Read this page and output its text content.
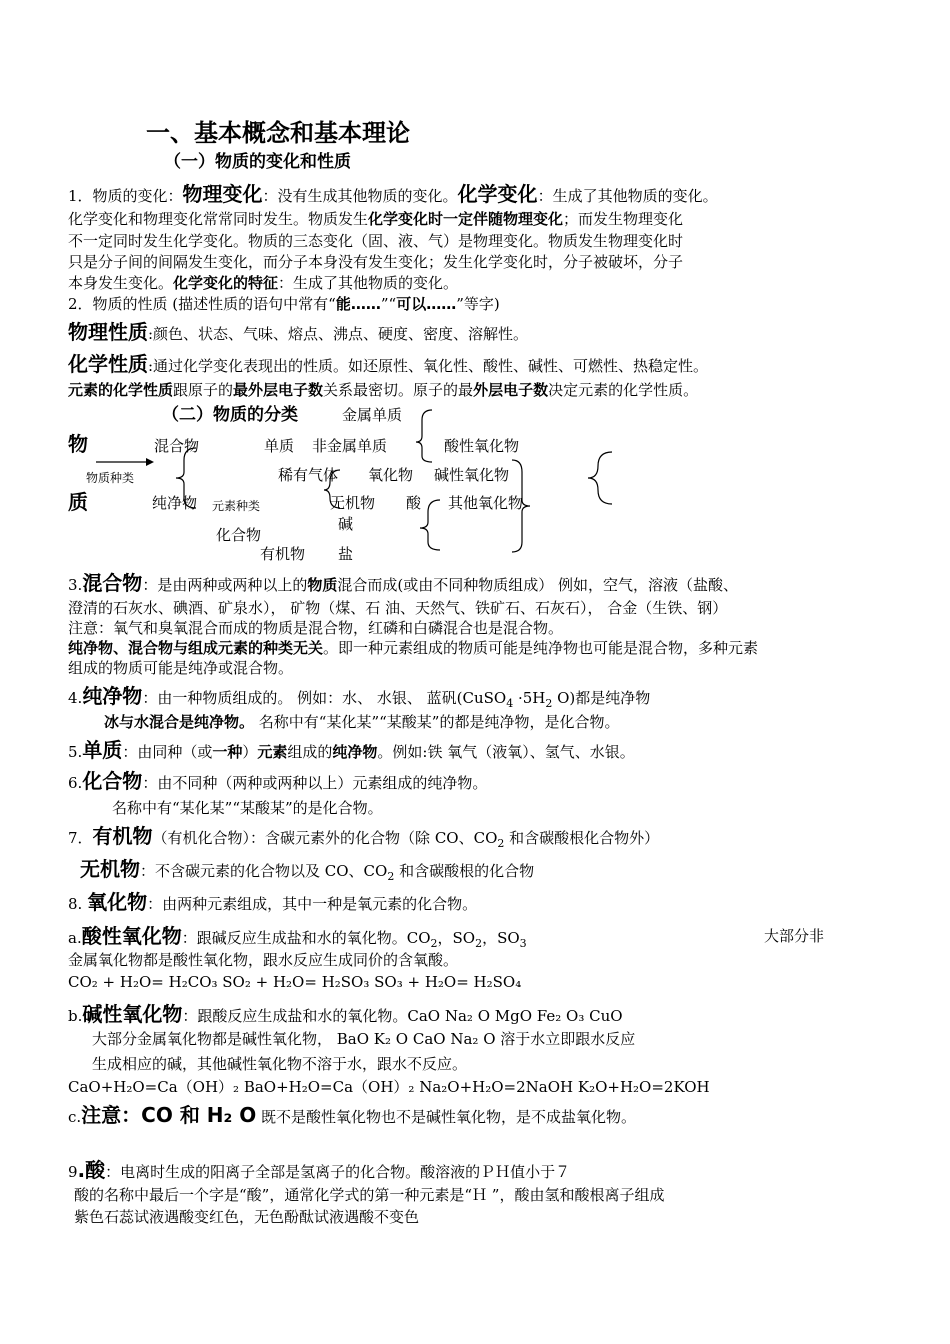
一、基本概念和基本理论
（一）物质的变化和性质
1．物质的变化：物理变化：没有生成其他物质的变化。化学变化：生成了其他物质的变化。
化学变化和物理变化常常同时发生。物质发生化学变化时一定伴随物理变化；而发生物理变化
不一定同时发生化学变化。物质的三态变化（固、液、气）是物理变化。物质发生物理变化时
只是分子间的间隔发生变化，而分子本身没有发生变化；发生化学变化时，分子被破坏，分子
本身发生变化。化学变化的特征：生成了其他物质的变化。
2．物质的性质 (描述性质的语句中常有“能……”“可以……”等字)
物理性质:颜色、状态、气味、熔点、沸点、硬度、密度、溶解性。
化学性质:通过化学变化表现出的性质。如还原性、氧化性、酸性、碱性、可燃性、热稳定性。
元素的化学性质跟原子的最外层电子数关系最密切。原子的最外层电子数决定元素的化学性质。
（二）物质的分类	金属单质
物	混合物	单质 非金属单质	酸性氧化物
物质种类	稀有气体 氧化物 碱性氧化物
质	纯净物 元素种类	无机物 酸 其他氧化物
碱
化合物
有机物 盐
3.混合物：是由两种或两种以上的物质混合而成(或由不同种物质组成） 例如，空气，溶液（盐酸、
澄清的石灰水、碘酒、矿泉水）， 矿物（煤、石 油、天然气、铁矿石、石灰石）， 合金（生铁、钢）
注意：氧气和臭氧混合而成的物质是混合物，红磷和白磷混合也是混合物。
纯净物、混合物与组成元素的种类无关。即一种元素组成的物质可能是纯净物也可能是混合物，多种元素
组成的物质可能是纯净或混合物。
4.纯净物：由一种物质组成的。 例如：水、 水银、 蓝矾(CuSO$_4$ $\cdot 5H_2$ O)都是纯净物
冰与水混合是纯净物。 名称中有“某化某”“某酸某”的都是纯净物，是化合物。
5.单质：由同种（或一种）元素组成的纯净物。例如:铁 氧气（液氧）、氢气、水银。
6.化合物：由不同种（两种或两种以上）元素组成的纯净物。
名称中有“某化某”“某酸某”的是化合物。
7．有机物（有机化合物）：含碳元素外的化合物（除 CO、$CO_2$ 和含碳酸根化合物外）
无机物：不含碳元素的化合物以及 CO、$CO_2$ 和含碳酸根的化合物
8. 氧化物：由两种元素组成，其中一种是氧元素的化合物。
a.酸性氧化物：跟碱反应生成盐和水的氧化物。$CO_2$，$SO_2$，$SO_3$	大部分非
金属氧化物都是酸性氧化物，跟水反应生成同价的含氧酸。
CO₂ + H₂O= H₂CO₃ SO₂ + H₂O= H₂SO₃ SO₃ + H₂O= H₂SO₄
b.碱性氧化物：跟酸反应生成盐和水的氧化物。CaO Na₂ O MgO Fe₂ O₃ CuO
大部分金属氧化物都是碱性氧化物， BaO K₂ O CaO Na₂ O 溶于水立即跟水反应
生成相应的碱，其他碱性氧化物不溶于水，跟水不反应。
CaO+H₂O=Ca（OH）₂ BaO+H₂O=Ca（OH）₂ Na₂O+H₂O=2NaOH K₂O+H₂O=2KOH
c.注意：CO 和 H₂ O 既不是酸性氧化物也不是碱性氧化物，是不成盐氧化物。
9.酸：电离时生成的阳离子全部是氢离子的化合物。酸溶液的ＰＨ值小于７
酸的名称中最后一个字是“酸”，通常化学式的第一种元素是“Ｈ ”，酸由氢和酸根离子组成
紫色石蕊试液遇酸变红色，无色酚酞试液遇酸不变色
